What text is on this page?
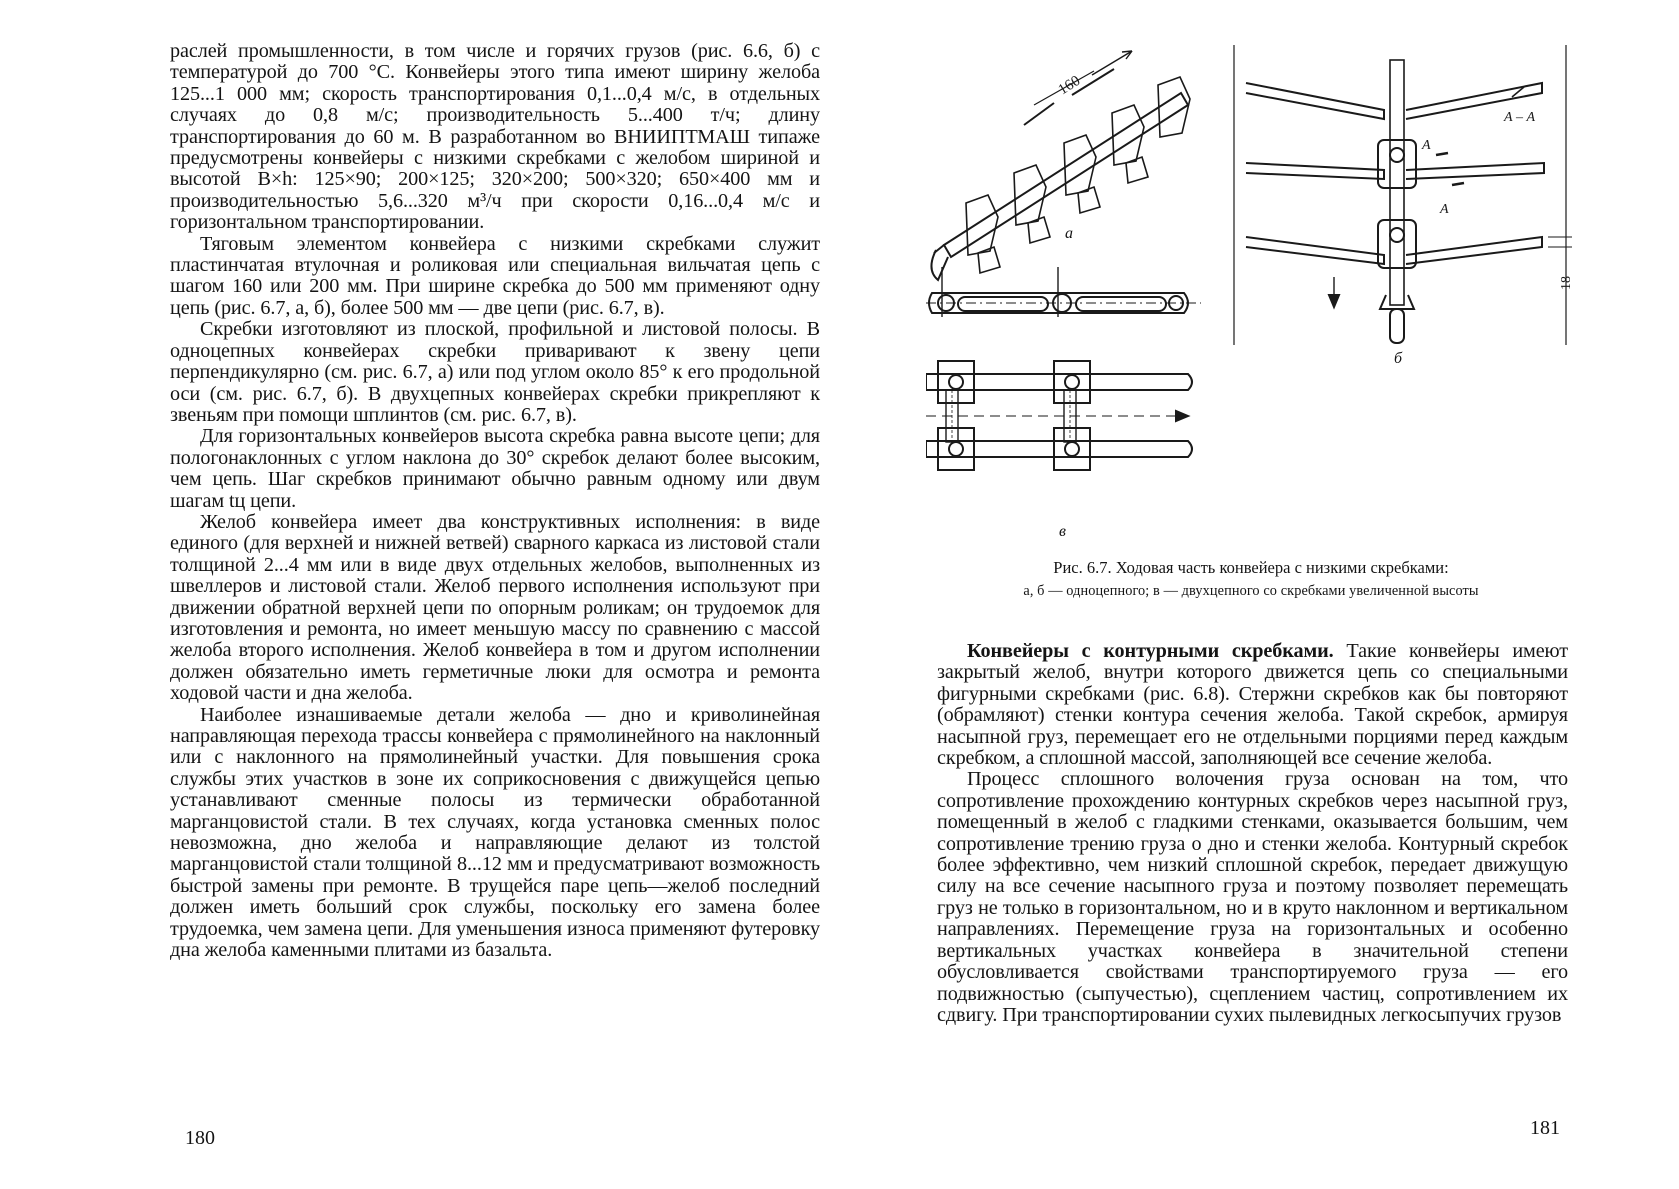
раслей промышленности, в том числе и горячих грузов (рис. 6.6, б) с температурой до 700 °С. Конвейеры этого типа имеют ширину желоба 125...1 000 мм; скорость транспортирования 0,1...0,4 м/с, в отдельных случаях до 0,8 м/с; производительность 5...400 т/ч; длину транспортирования до 60 м. В разработанном во ВНИИПТМАШ типаже предусмотрены конвейеры с низкими скребками с желобом шириной и высотой B×h: 125×90; 200×125; 320×200; 500×320; 650×400 мм и производительностью 5,6...320 м³/ч при скорости 0,16...0,4 м/с и горизонтальном транспортировании.

Тяговым элементом конвейера с низкими скребками служит пластинчатая втулочная и роликовая или специальная вильчатая цепь с шагом 160 или 200 мм. При ширине скребка до 500 мм применяют одну цепь (рис. 6.7, а, б), более 500 мм — две цепи (рис. 6.7, в).

Скребки изготовляют из плоской, профильной и листовой полосы. В одноцепных конвейерах скребки приваривают к звену цепи перпендикулярно (см. рис. 6.7, а) или под углом около 85° к его продольной оси (см. рис. 6.7, б). В двухцепных конвейерах скребки прикрепляют к звеньям при помощи шплинтов (см. рис. 6.7, в).

Для горизонтальных конвейеров высота скребка равна высоте цепи; для пологонаклонных с углом наклона до 30° скребок делают более высоким, чем цепь. Шаг скребков принимают обычно равным одному или двум шагам tц цепи.

Желоб конвейера имеет два конструктивных исполнения: в виде единого (для верхней и нижней ветвей) сварного каркаса из листовой стали толщиной 2...4 мм или в виде двух отдельных желобов, выполненных из швеллеров и листовой стали. Желоб первого исполнения используют при движении обратной верхней цепи по опорным роликам; он трудоемок для изготовления и ремонта, но имеет меньшую массу по сравнению с массой желоба второго исполнения. Желоб конвейера в том и другом исполнении должен обязательно иметь герметичные люки для осмотра и ремонта ходовой части и дна желоба.

Наиболее изнашиваемые детали желоба — дно и криволинейная направляющая перехода трассы конвейера с прямолинейного на наклонный или с наклонного на прямолинейный участки. Для повышения срока службы этих участков в зоне их соприкосновения с движущейся цепью устанавливают сменные полосы из термически обработанной марганцовистой стали. В тех случаях, когда установка сменных полос невозможна, дно желоба и направляющие делают из толстой марганцовистой стали толщиной 8...12 мм и предусматривают возможность быстрой замены при ремонте. В трущейся паре цепь—желоб последний должен иметь больший срок службы, поскольку его замена более трудоемка, чем замена цепи. Для уменьшения износа применяют футеровку дна желоба каменными плитами из базальта.

180
160
18
А – А
А
А
а
б
в
Рис. 6.7. Ходовая часть конвейера с низкими скребками:
а, б — одноцепного; в — двухцепного со скребками увеличенной высоты

Конвейеры с контурными скребками. Такие конвейеры имеют закрытый желоб, внутри которого движется цепь со специальными фигурными скребками (рис. 6.8). Стержни скребков как бы повторяют (обрамляют) стенки контура сечения желоба. Такой скребок, армируя насыпной груз, перемещает его не отдельными порциями перед каждым скребком, а сплошной массой, заполняющей все сечение желоба.

Процесс сплошного волочения груза основан на том, что сопротивление прохождению контурных скребков через насыпной груз, помещенный в желоб с гладкими стенками, оказывается большим, чем сопротивление трению груза о дно и стенки желоба. Контурный скребок более эффективно, чем низкий сплошной скребок, передает движущую силу на все сечение насыпного груза и поэтому позволяет перемещать груз не только в горизонтальном, но и в круто наклонном и вертикальном направлениях. Перемещение груза на горизонтальных и особенно вертикальных участках конвейера в значительной степени обусловливается свойствами транспортируемого груза — его подвижностью (сыпучестью), сцеплением частиц, сопротивлением их сдвигу. При транспортировании сухих пылевидных легкосыпучих грузов

181
